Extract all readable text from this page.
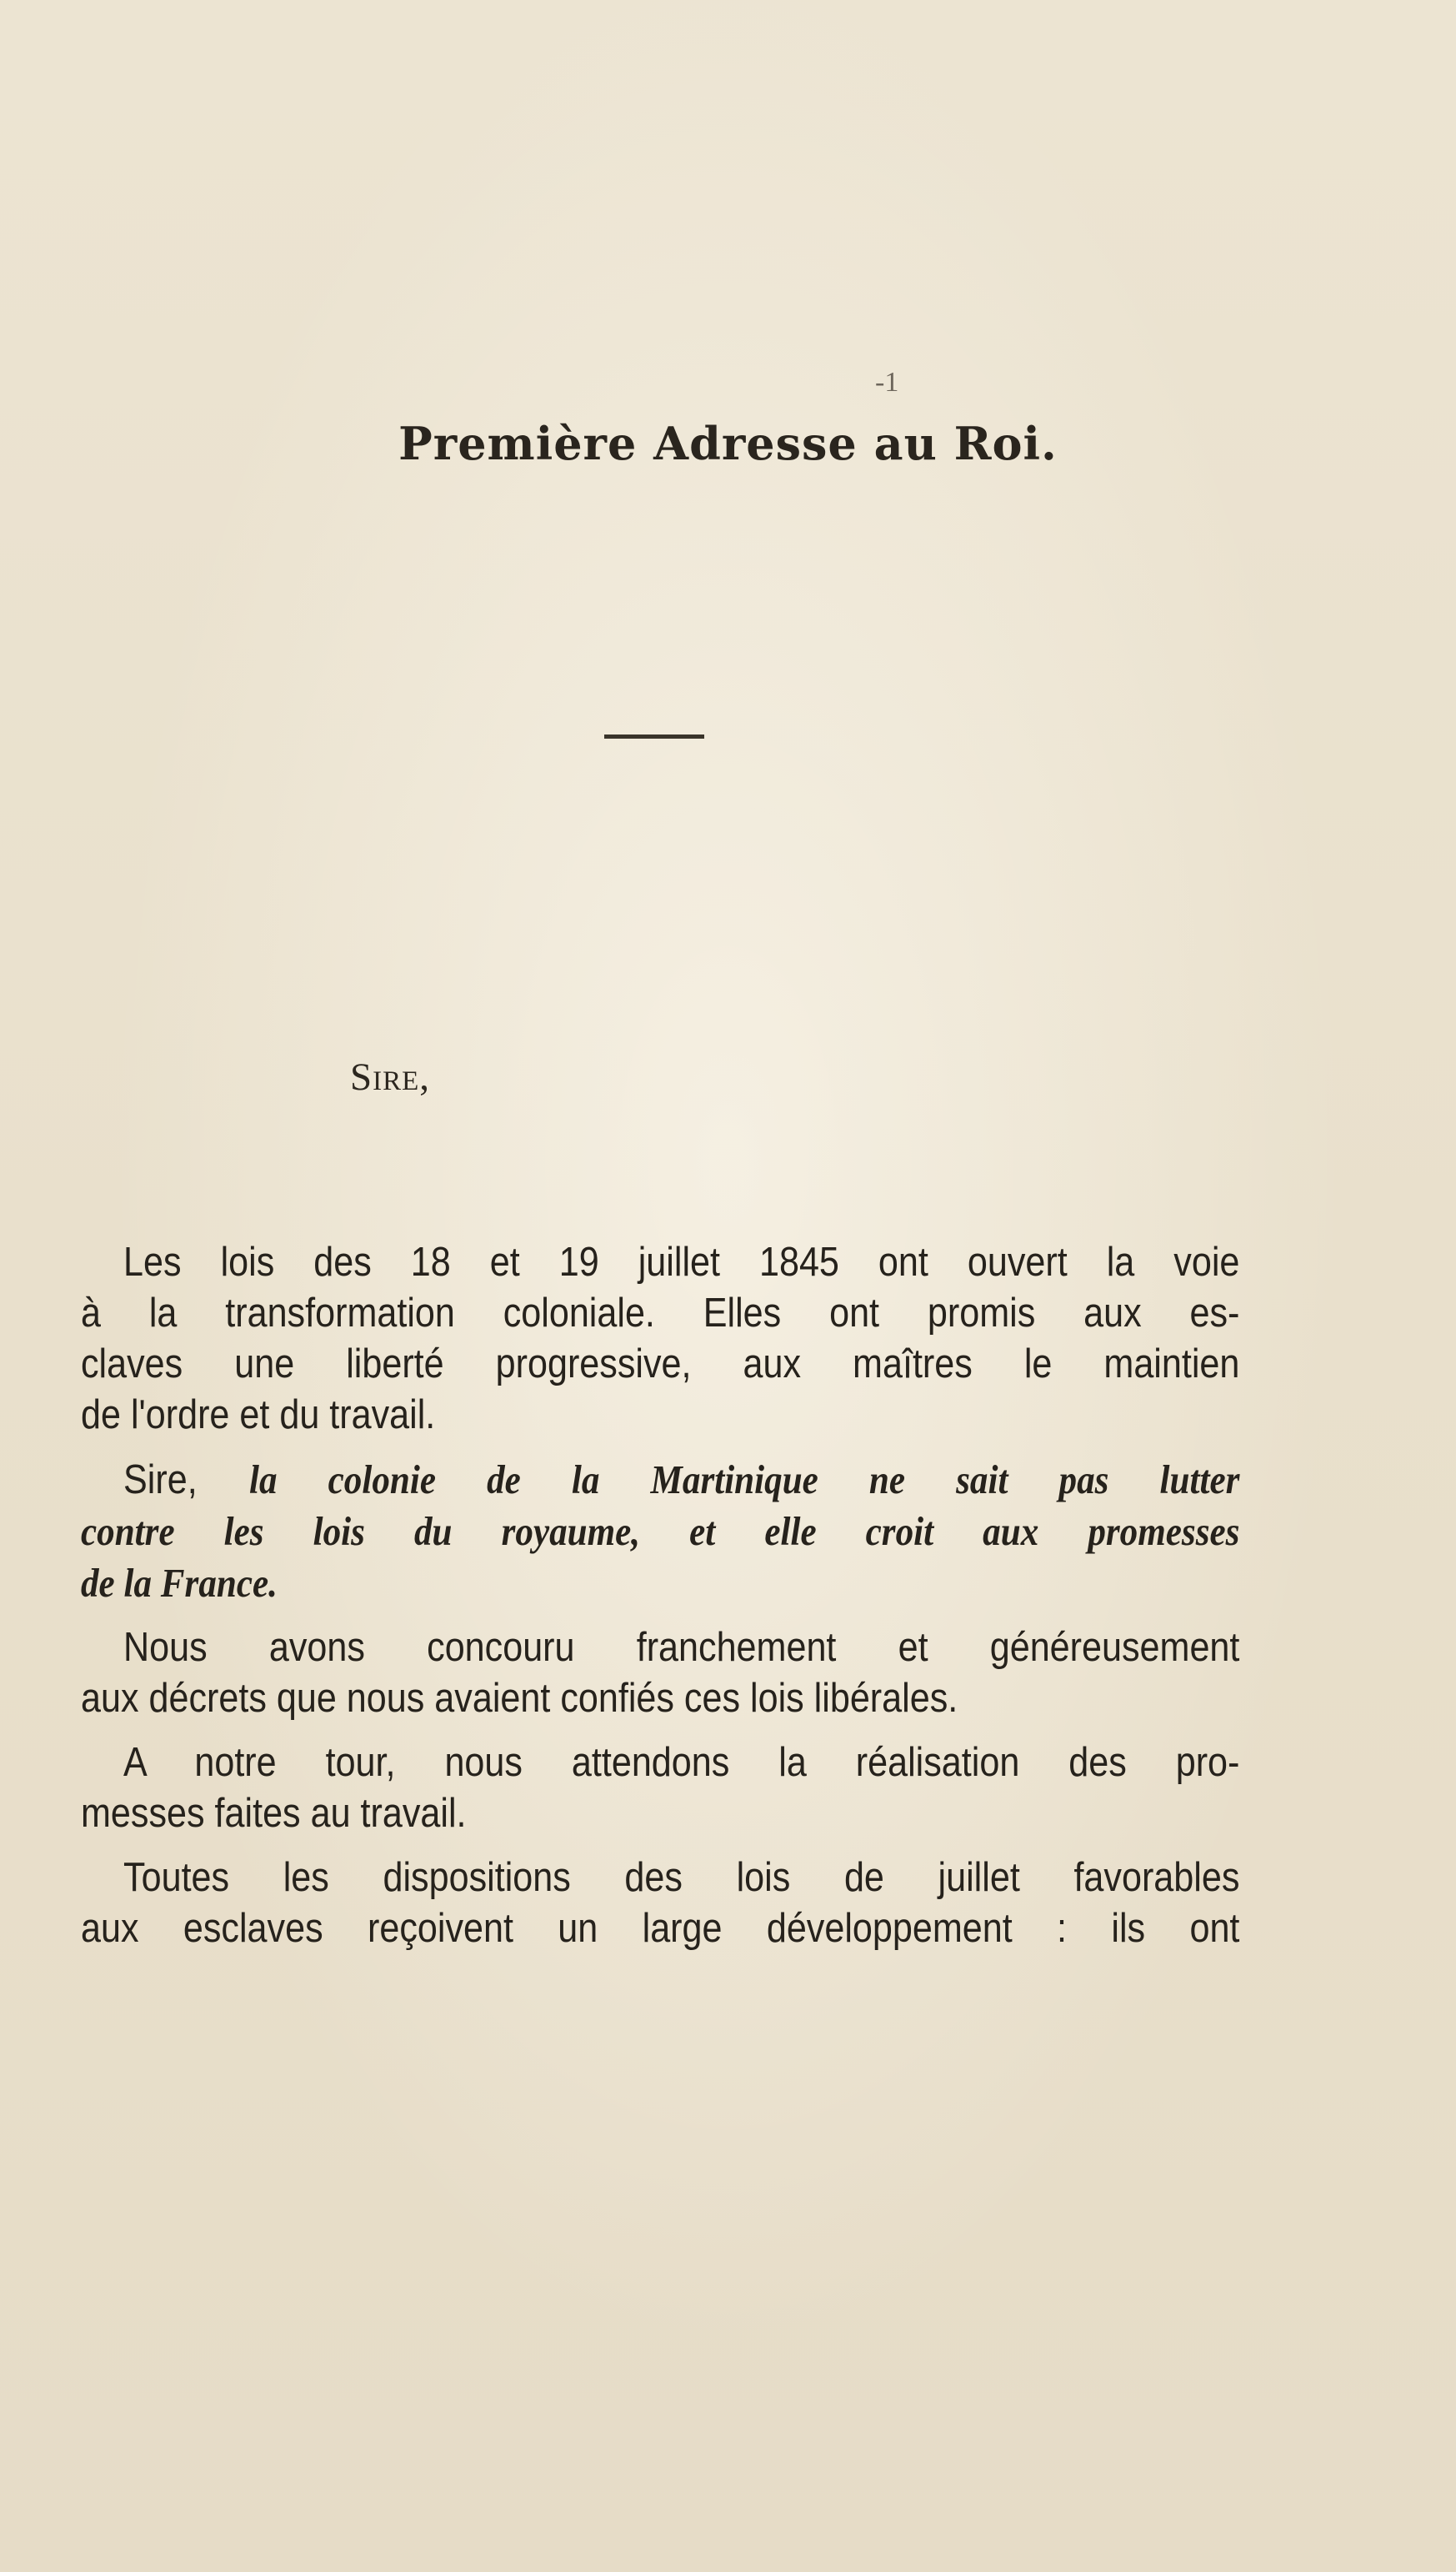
-1
Première Adresse au Roi.
Sire,
Les lois des 18 et 19 juillet 1845 ont ouvert la voie
à la transformation coloniale. Elles ont promis aux es-
claves une liberté progressive, aux maîtres le maintien
de l'ordre et du travail.
Sire, la colonie de la Martinique ne sait pas lutter
contre les lois du royaume, et elle croit aux promesses
de la France.
Nous avons concouru franchement et généreusement
aux décrets que nous avaient confiés ces lois libérales.
A notre tour, nous attendons la réalisation des pro-
messes faites au travail.
Toutes les dispositions des lois de juillet favorables
aux esclaves reçoivent un large développement : ils ont
